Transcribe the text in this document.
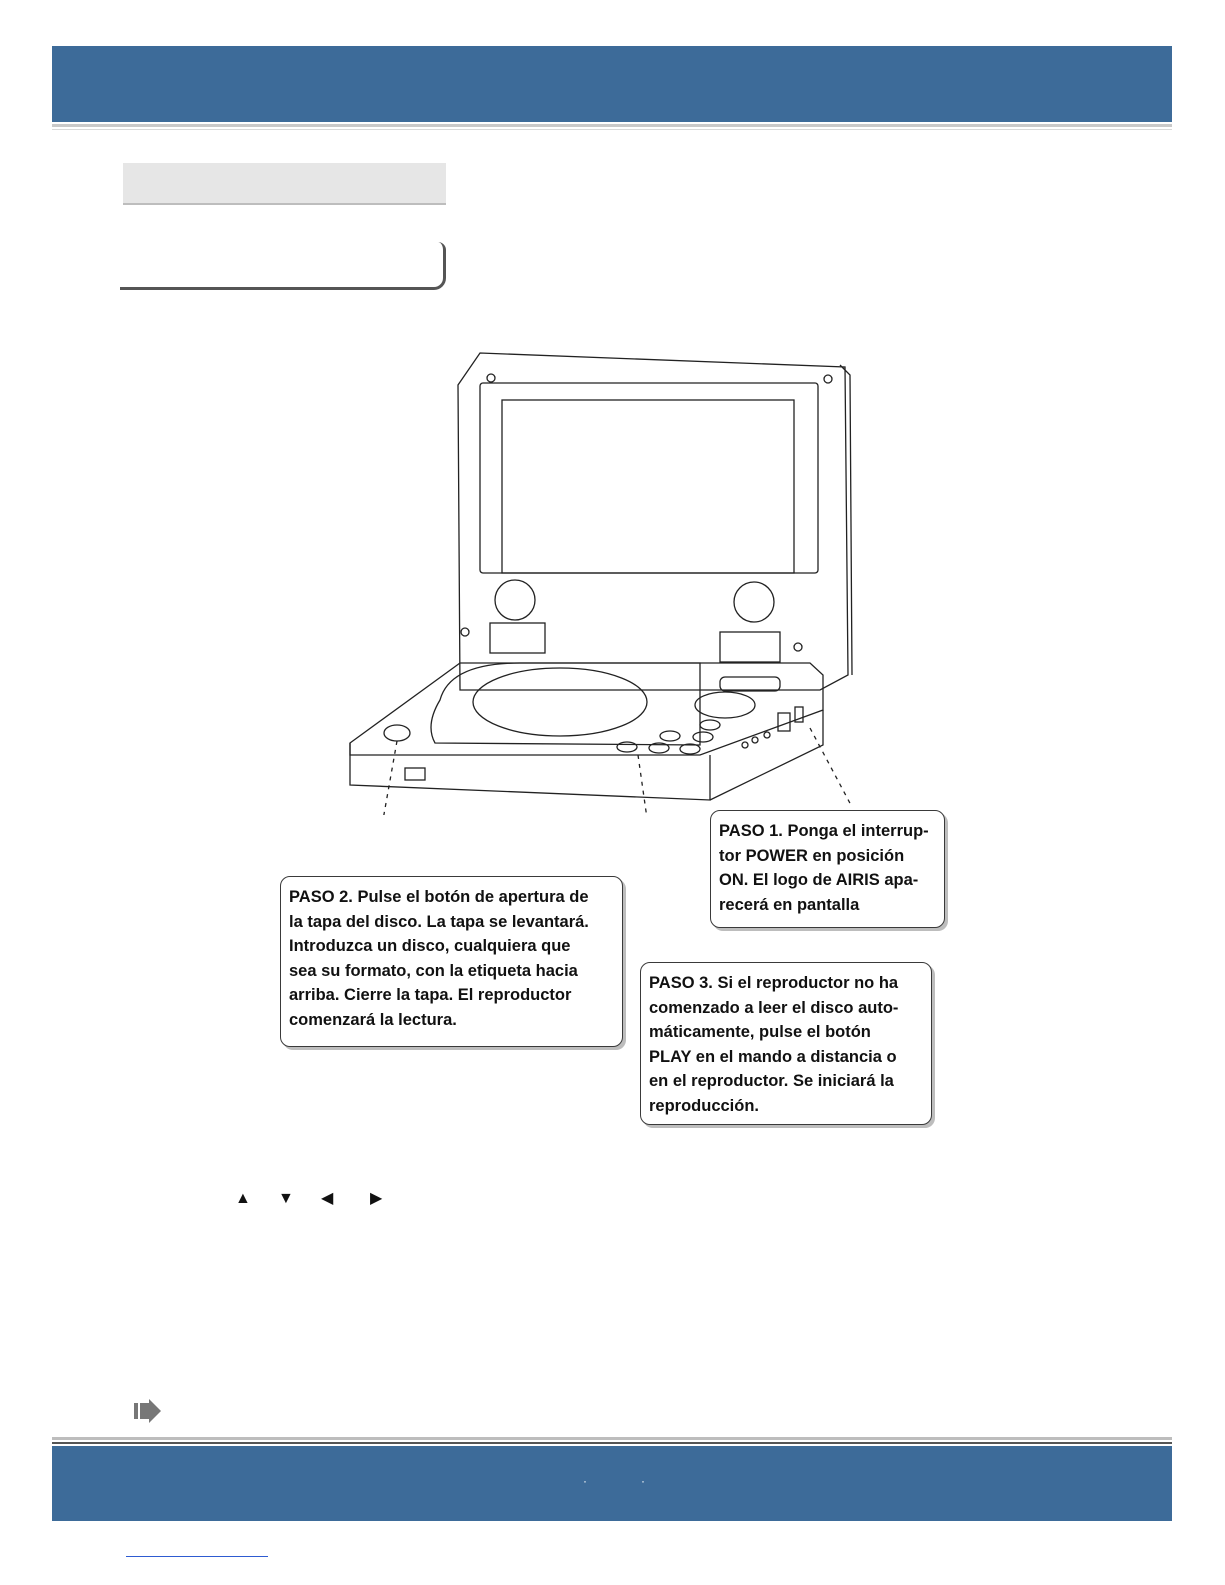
PASO 1. Ponga el interrup-
tor POWER en posición
ON. El logo de AIRIS apa-
recerá en pantalla
PASO 2. Pulse el botón de apertura de
la tapa del disco. La tapa se levantará.
Introduzca un disco, cualquiera que
sea su formato, con la etiqueta hacia
arriba. Cierre la tapa. El reproductor
comenzará la lectura.
PASO 3. Si el reproductor no ha
comenzado a leer el disco auto-
máticamente, pulse el botón
PLAY en el mando a distancia o
en el reproductor. Se iniciará la
reproducción.
▲ ▼ ◀ ▶
·	·
